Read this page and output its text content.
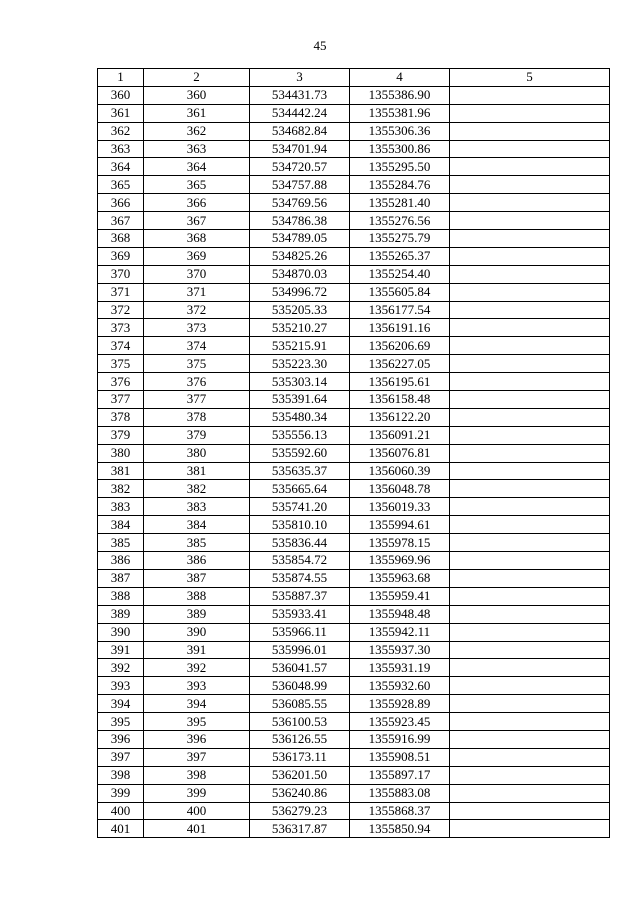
45
1	2	3	4	5
360	360	534431.73	1355386.90	
361	361	534442.24	1355381.96	
362	362	534682.84	1355306.36	
363	363	534701.94	1355300.86	
364	364	534720.57	1355295.50	
365	365	534757.88	1355284.76	
366	366	534769.56	1355281.40	
367	367	534786.38	1355276.56	
368	368	534789.05	1355275.79	
369	369	534825.26	1355265.37	
370	370	534870.03	1355254.40	
371	371	534996.72	1355605.84	
372	372	535205.33	1356177.54	
373	373	535210.27	1356191.16	
374	374	535215.91	1356206.69	
375	375	535223.30	1356227.05	
376	376	535303.14	1356195.61	
377	377	535391.64	1356158.48	
378	378	535480.34	1356122.20	
379	379	535556.13	1356091.21	
380	380	535592.60	1356076.81	
381	381	535635.37	1356060.39	
382	382	535665.64	1356048.78	
383	383	535741.20	1356019.33	
384	384	535810.10	1355994.61	
385	385	535836.44	1355978.15	
386	386	535854.72	1355969.96	
387	387	535874.55	1355963.68	
388	388	535887.37	1355959.41	
389	389	535933.41	1355948.48	
390	390	535966.11	1355942.11	
391	391	535996.01	1355937.30	
392	392	536041.57	1355931.19	
393	393	536048.99	1355932.60	
394	394	536085.55	1355928.89	
395	395	536100.53	1355923.45	
396	396	536126.55	1355916.99	
397	397	536173.11	1355908.51	
398	398	536201.50	1355897.17	
399	399	536240.86	1355883.08	
400	400	536279.23	1355868.37	
401	401	536317.87	1355850.94	
